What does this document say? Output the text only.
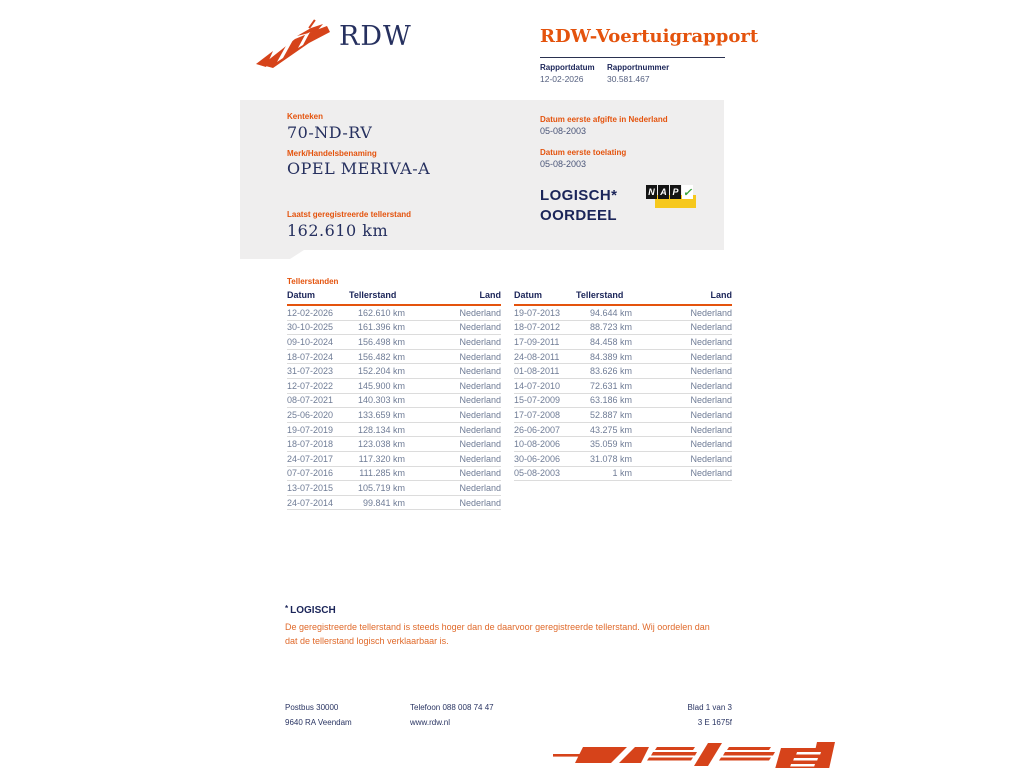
RDW	RDW-Voertuigrapport
Rapportdatum
12-02-2026
Rapportnummer
30.581.467
Kenteken
70-ND-RV
Merk/Handelsbenaming
OPEL MERIVA-A
Laatst geregistreerde tellerstand
162.610 km
Datum eerste afgifte in Nederland
05-08-2003
Datum eerste toelating
05-08-2003
LOGISCH*
OORDEEL
N A P ✓
Tellerstanden
Datum	Tellerstand	Land
12-02-2026	162.610 km	Nederland
30-10-2025	161.396 km	Nederland
09-10-2024	156.498 km	Nederland
18-07-2024	156.482 km	Nederland
31-07-2023	152.204 km	Nederland
12-07-2022	145.900 km	Nederland
08-07-2021	140.303 km	Nederland
25-06-2020	133.659 km	Nederland
19-07-2019	128.134 km	Nederland
18-07-2018	123.038 km	Nederland
24-07-2017	117.320 km	Nederland
07-07-2016	111.285 km	Nederland
13-07-2015	105.719 km	Nederland
24-07-2014	99.841 km	Nederland
Datum	Tellerstand	Land
19-07-2013	94.644 km	Nederland
18-07-2012	88.723 km	Nederland
17-09-2011	84.458 km	Nederland
24-08-2011	84.389 km	Nederland
01-08-2011	83.626 km	Nederland
14-07-2010	72.631 km	Nederland
15-07-2009	63.186 km	Nederland
17-07-2008	52.887 km	Nederland
26-06-2007	43.275 km	Nederland
10-08-2006	35.059 km	Nederland
30-06-2006	31.078 km	Nederland
05-08-2003	1 km	Nederland
* LOGISCH
De geregistreerde tellerstand is steeds hoger dan de daarvoor geregistreerde tellerstand. Wij oordelen dan dat de tellerstand logisch verklaarbaar is.
Postbus 30000
9640 RA Veendam
Telefoon 088 008 74 47
www.rdw.nl
Blad 1 van 3
3 E 1675f
